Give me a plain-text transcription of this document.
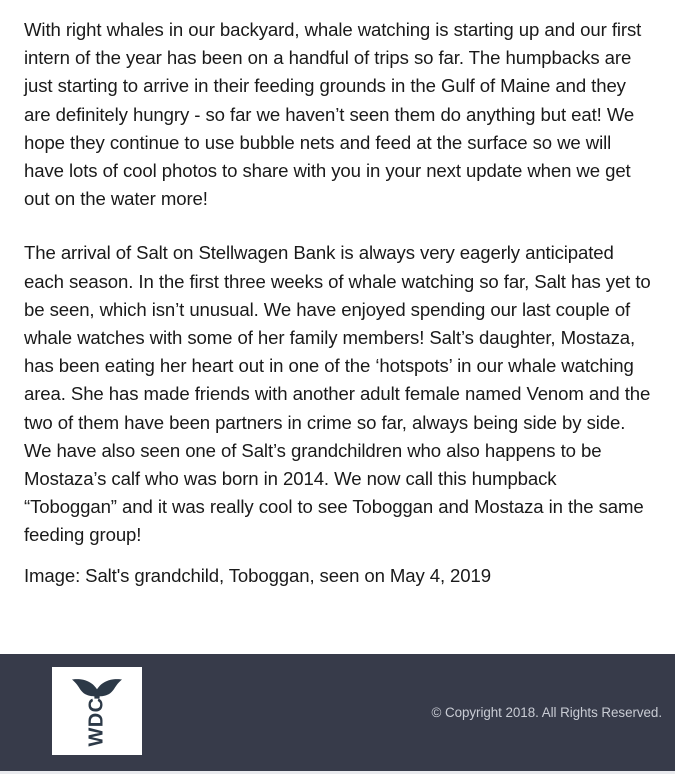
With right whales in our backyard, whale watching is starting up and our first intern of the year has been on a handful of trips so far. The humpbacks are just starting to arrive in their feeding grounds in the Gulf of Maine and they are definitely hungry - so far we haven’t seen them do anything but eat! We hope they continue to use bubble nets and feed at the surface so we will have lots of cool photos to share with you in your next update when we get out on the water more!

The arrival of Salt on Stellwagen Bank is always very eagerly anticipated each season. In the first three weeks of whale watching so far, Salt has yet to be seen, which isn’t unusual. We have enjoyed spending our last couple of whale watches with some of her family members! Salt’s daughter, Mostaza, has been eating her heart out in one of the ‘hotspots’ in our whale watching area. She has made friends with another adult female named Venom and the two of them have been partners in crime so far, always being side by side. We have also seen one of Salt’s grandchildren who also happens to be Mostaza’s calf who was born in 2014. We now call this humpback “Toboggan” and it was really cool to see Toboggan and Mostaza in the same feeding group!

Image: Salt's grandchild, Toboggan, seen on May 4, 2019

WDC	© Copyright 2018. All Rights Reserved.
